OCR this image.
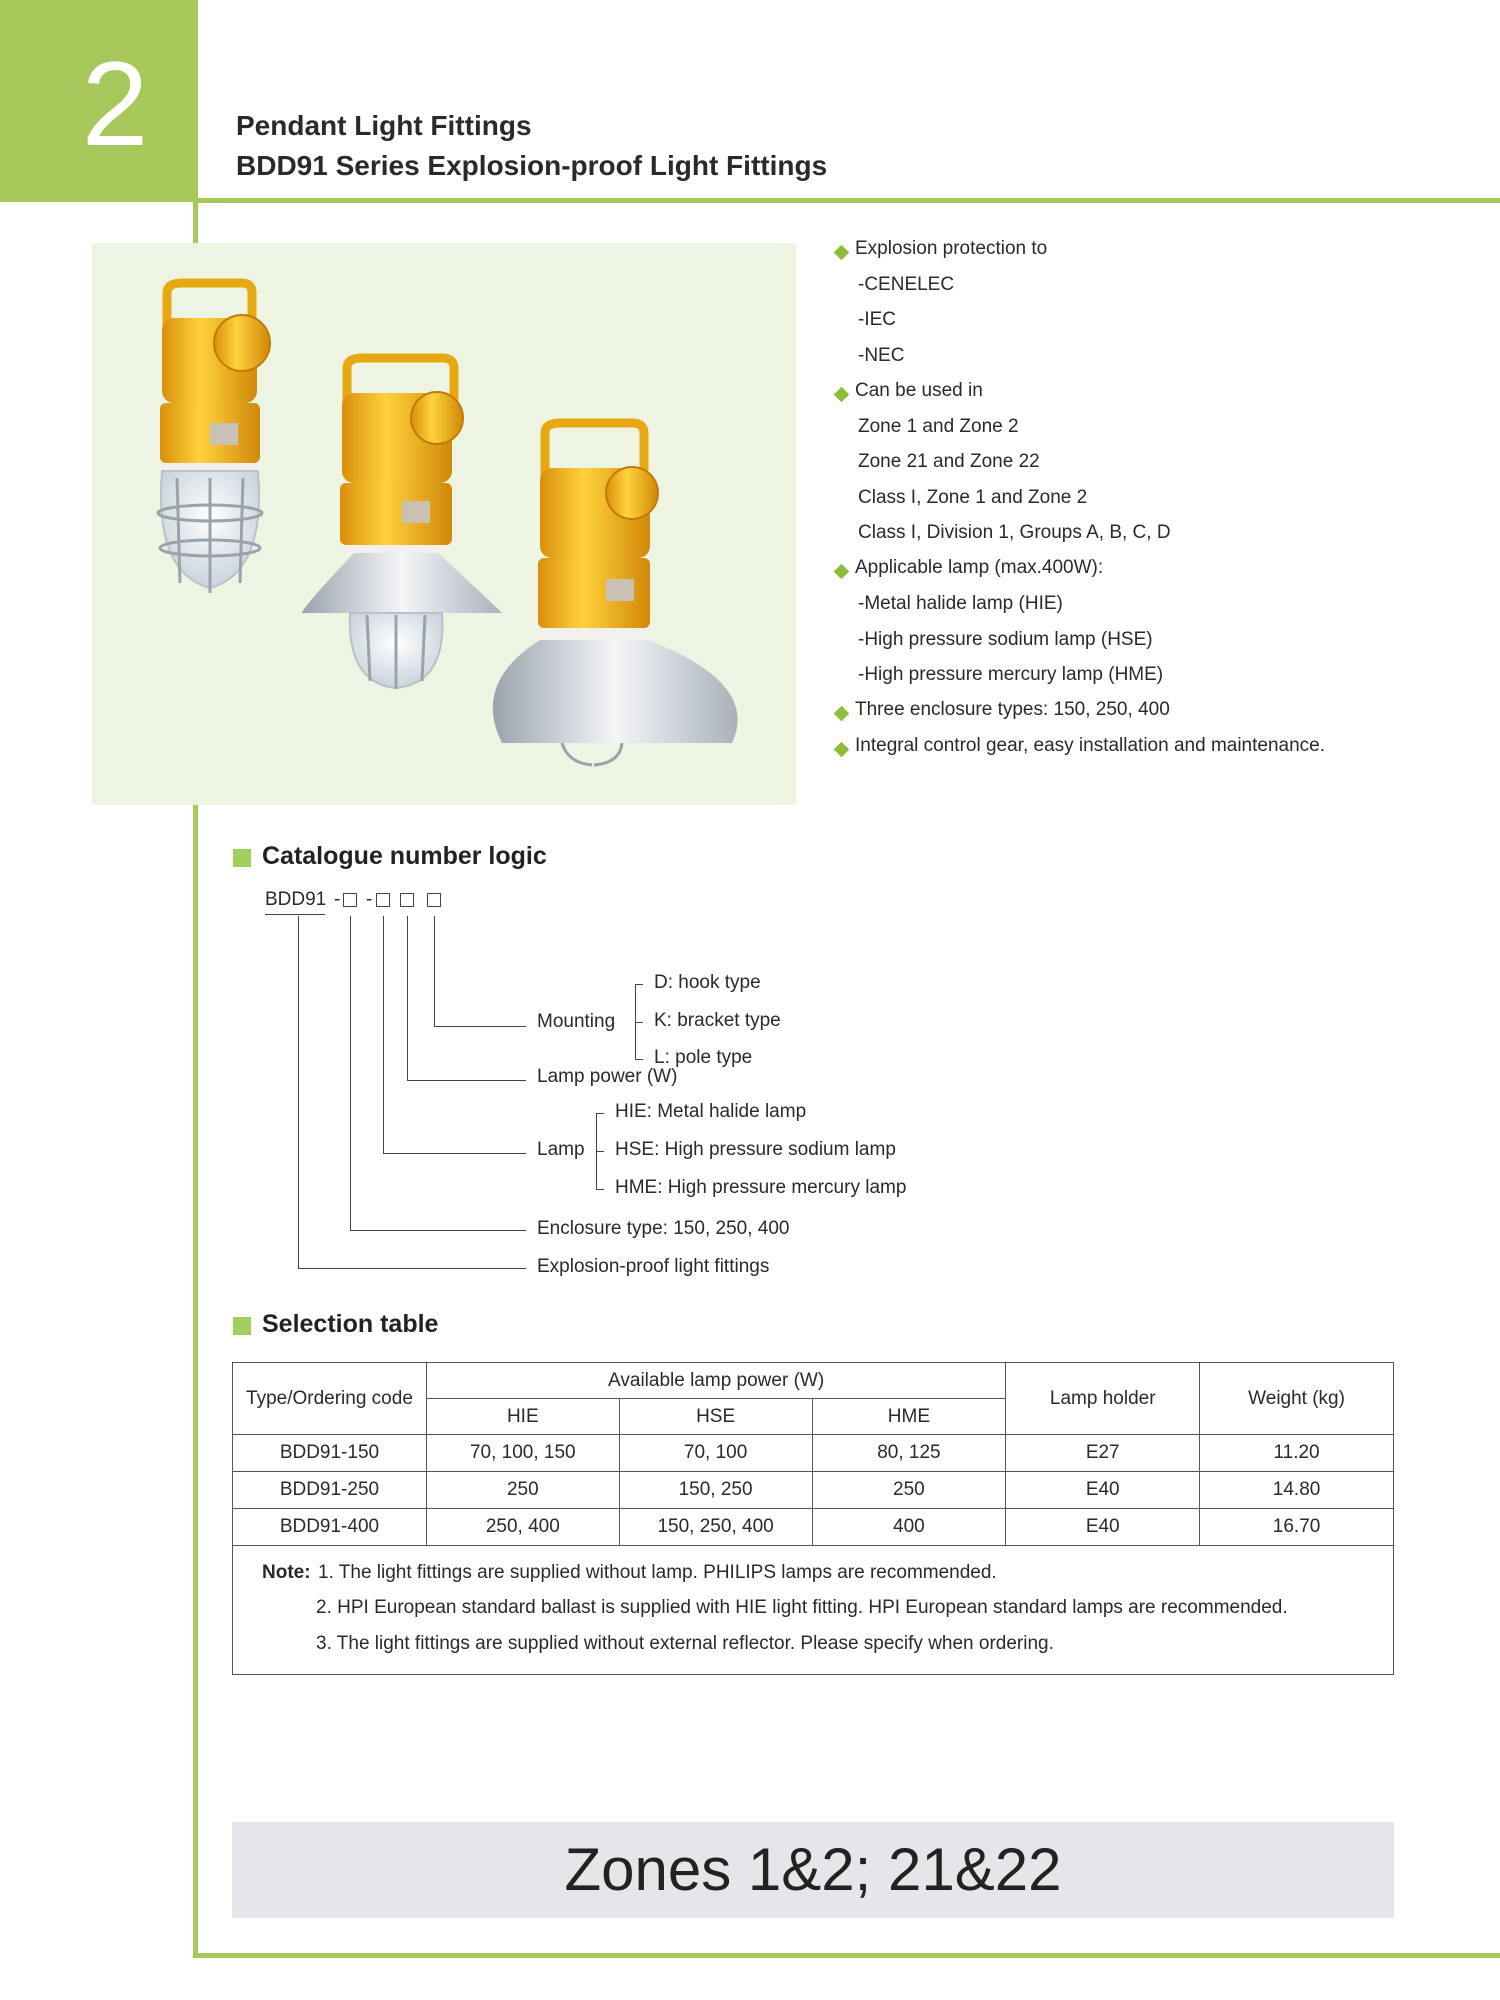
2	Pendant Light Fittings
BDD91 Series Explosion-proof Light Fittings
Explosion protection to
-CENELEC
-IEC
-NEC
Can be used in
Zone 1 and Zone 2
Zone 21 and Zone 22
Class I, Zone 1 and Zone 2
Class I, Division 1, Groups A, B, C, D
Applicable lamp (max.400W):
-Metal halide lamp (HIE)
-High pressure sodium lamp (HSE)
-High pressure mercury lamp (HME)
Three enclosure types: 150, 250, 400
Integral control gear, easy installation and maintenance.
Catalogue number logic
BDD91 - -
Mounting
D: hook type
K: bracket type
L: pole type
Lamp power (W)
Lamp
HIE: Metal halide lamp
HSE: High pressure sodium lamp
HME: High pressure mercury lamp
Enclosure type: 150, 250, 400
Explosion-proof light fittings
Selection table
Type/Ordering code	Available lamp power (W)			Lamp holder	Weight (kg)
	HIE	HSE	HME		
BDD91-150	70, 100, 150	70, 100	80, 125	E27	11.20
BDD91-250	250	150, 250	250	E40	14.80
BDD91-400	250, 400	150, 250, 400	400	E40	16.70
Note: 1. The light fittings are supplied without lamp. PHILIPS lamps are recommended.
2. HPI European standard ballast is supplied with HIE light fitting. HPI European standard lamps are recommended.
3. The light fittings are supplied without external reflector. Please specify when ordering.
Zones 1&2; 21&22
